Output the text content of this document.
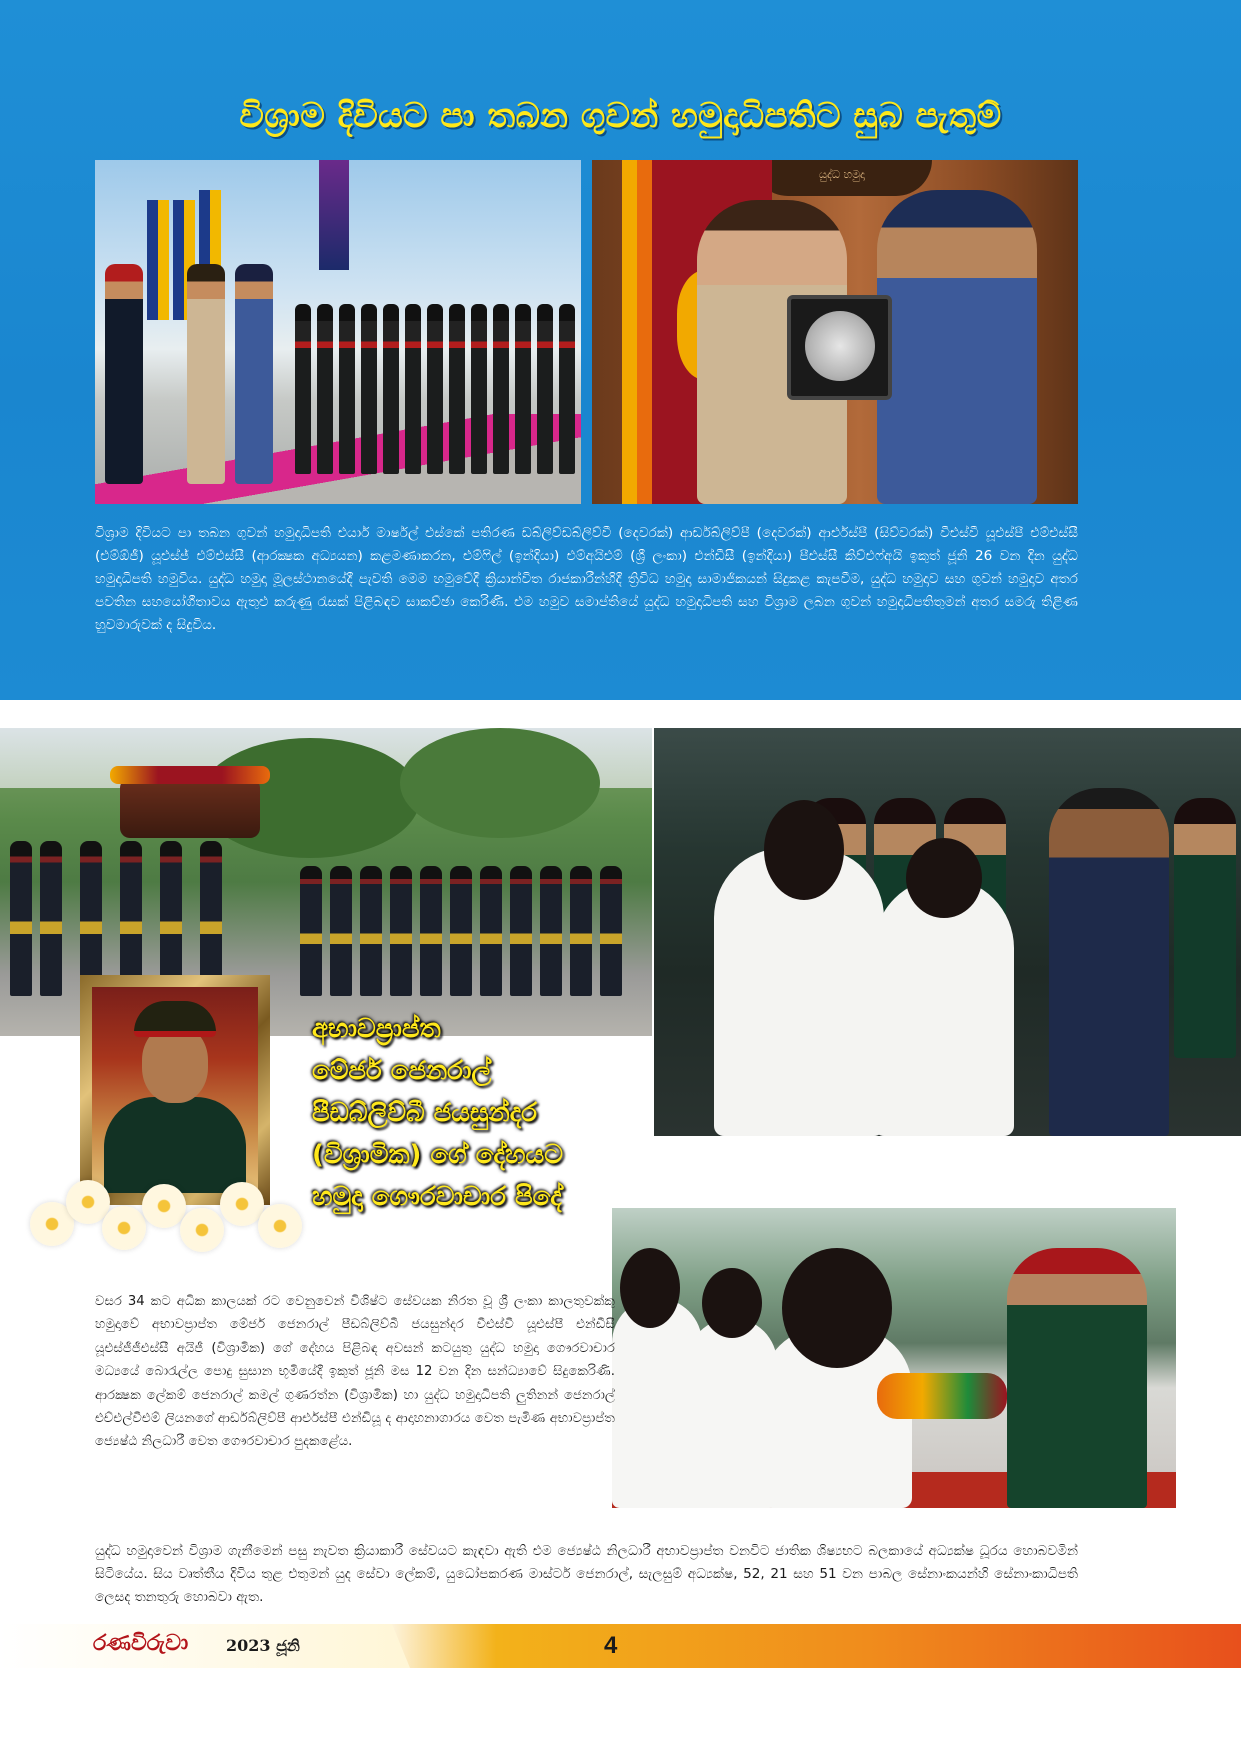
විශ්‍රාම දිවියට පා තබන ගුවන් හමුදාධිපතිට සුබ පැතුම්
යුද්ධ හමුදා

විශ්‍රාම දිවියට පා තබන ගුවන් හමුදාධිපති එයාර් මාර්ෂල් එස්කේ පතිරණ ඩබ්ලිව්ඩබ්ලිව්වී (දෙවරක්) ආර්ඩබ්ලිව්පී (දෙවරක්) ආර්එස්පී (සිව්වරක්) වීඑස්වී යූඑස්පී එම්එස්සී (එම්ඕජී) යූඑස්ජ් එම්එස්සී (ආරක්‍ෂක අධ්‍යයන) කළමණාකරන, එම්ෆිල් (ඉන්දියා) එම්අයිඑම් (ශ්‍රී ලංකා) එන්ඩීසී (ඉන්දියා) පීඑස්සී කිව්එෆ්අයි ඉකුත් ජූනි 26 වන දින යුද්ධ හමුදාධිපති හමුවිය. යුද්ධ හමුදා මූලස්ථානයේදී පැවති මෙම හමුවේදී ක්‍රියාන්විත රාජකාරීන්හිදී ත්‍රිවිධ හමුදා සාමාජිකයන් සිදුකළ කැපවීම, යුද්ධ හමුදාව සහ ගුවන් හමුදාව අතර පවතින සහයෝගීතාවය ඇතුළු කරුණු රැසක් පිළිබඳව සාකච්ඡා කෙරිණි. එම හමුව සමාප්තියේ යුද්ධ හමුදාධිපති සහ විශ්‍රාම ලබන ගුවන් හමුදාධිපතිතුමන් අතර සමරු තිළිණ හුවමාරුවක් ද සිදුවිය.

අභාවප්‍රාප්ත
මේජර් ජෙනරාල්
පීඩබ්ලිව්බී ජයසුන්දර
(විශ්‍රාමික) ගේ දේහයට
හමුදා ගෞරවාචාර පිදේ

වසර 34 කට අධික කාලයක් රට වෙනුවෙන් විශිෂ්ට සේවයක නිරත වූ ශ්‍රී ලංකා කාලතුවක්කු හමුදාවේ අභාවප්‍රාප්ත මේජර් ජෙනරාල් පීඩබ්ලිව්බී ජයසුන්දර වීඑස්වී යූඑස්පී එන්ඩීසී යූඑස්ජීජීඑස්සී අයිජී (විශ්‍රාමික) ගේ දේහය පිළිබඳ අවසන් කටයුතු යුද්ධ හමුදා ගෞරවාචාර මධ්‍යයේ බොරැල්ල පොදු සුසාන භූමියේදී ඉකුත් ජූනි මස 12 වන දින සන්ධ්‍යාවේ සිදුකෙරිණි. ආරක්‍ෂක ලේකම් ජෙනරාල් කමල් ගුණරත්න (විශ්‍රාමික) හා යුද්ධ හමුදාධිපති ලුතිනන් ජෙනරාල් එච්එල්වීඑම් ලියනගේ ආර්ඩබ්ලිව්පී ආර්එස්පී එන්ඩියූ ද ආදාහනාගාරය වෙත පැමිණ අභාවප්‍රාප්ත ජ්‍යෙෂ්ඨ නිලධාරී වෙත ගෞරවාචාර පුදකළේය.

යුද්ධ හමුදාවෙන් විශ්‍රාම ගැනීමෙන් පසු නැවත ක්‍රියාකාරී සේවයට කැඳවා ඇති එම ජ්‍යෙෂ්ඨ නිලධාරී අභාවප්‍රාප්ත වනවිට ජාතික ශිෂ්‍යභට බලකායේ අධ්‍යක්ෂ ධූරය හොබවමින් සිටියේය. සිය වෘත්තීය දිවිය තුළ එතුමන් යුද සේවා ලේකම්, යුධෝපකරණ මාස්ටර් ජෙනරාල්, සැලසුම් අධ්‍යක්ෂ, 52, 21 සහ 51 වන පාබල සේනාංකයන්හි සේනාංකාධිපති ලෙසද තනතුරු හොබවා ඇත.

රණවිරුවා 2023 ජූනි	4
